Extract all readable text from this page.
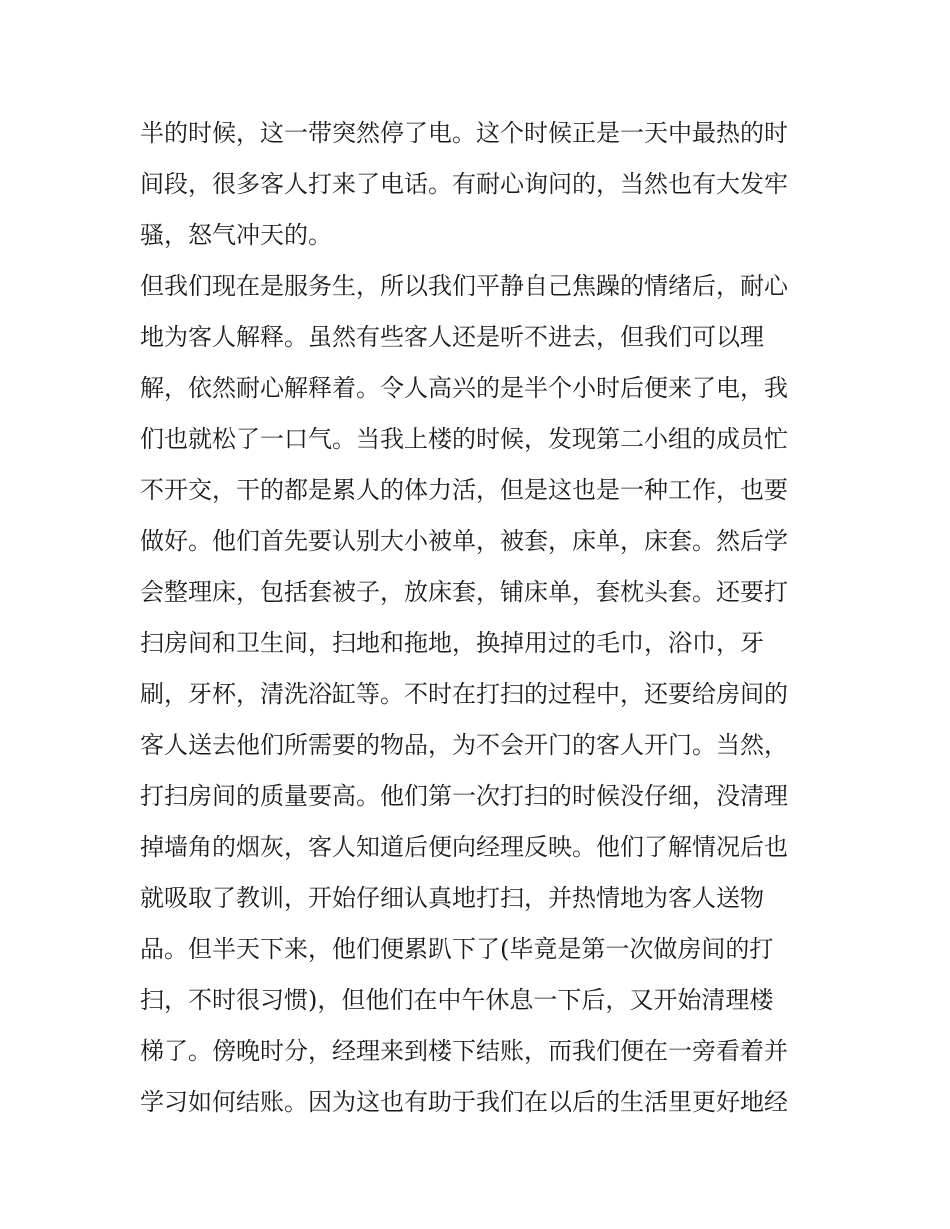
半的时候，这一带突然停了电。这个时候正是一天中最热的时
间段，很多客人打来了电话。有耐心询问的，当然也有大发牢
骚，怒气冲天的。
但我们现在是服务生，所以我们平静自己焦躁的情绪后，耐心
地为客人解释。虽然有些客人还是听不进去，但我们可以理
解，依然耐心解释着。令人高兴的是半个小时后便来了电，我
们也就松了一口气。当我上楼的时候，发现第二小组的成员忙
不开交，干的都是累人的体力活，但是这也是一种工作，也要
做好。他们首先要认别大小被单，被套，床单，床套。然后学
会整理床，包括套被子，放床套，铺床单，套枕头套。还要打
扫房间和卫生间，扫地和拖地，换掉用过的毛巾，浴巾，牙
刷，牙杯，清洗浴缸等。不时在打扫的过程中，还要给房间的
客人送去他们所需要的物品，为不会开门的客人开门。当然，
打扫房间的质量要高。他们第一次打扫的时候没仔细，没清理
掉墙角的烟灰，客人知道后便向经理反映。他们了解情况后也
就吸取了教训，开始仔细认真地打扫，并热情地为客人送物
品。但半天下来，他们便累趴下了(毕竟是第一次做房间的打
扫，不时很习惯)，但他们在中午休息一下后，又开始清理楼
梯了。傍晚时分，经理来到楼下结账，而我们便在一旁看着并
学习如何结账。因为这也有助于我们在以后的生活里更好地经
